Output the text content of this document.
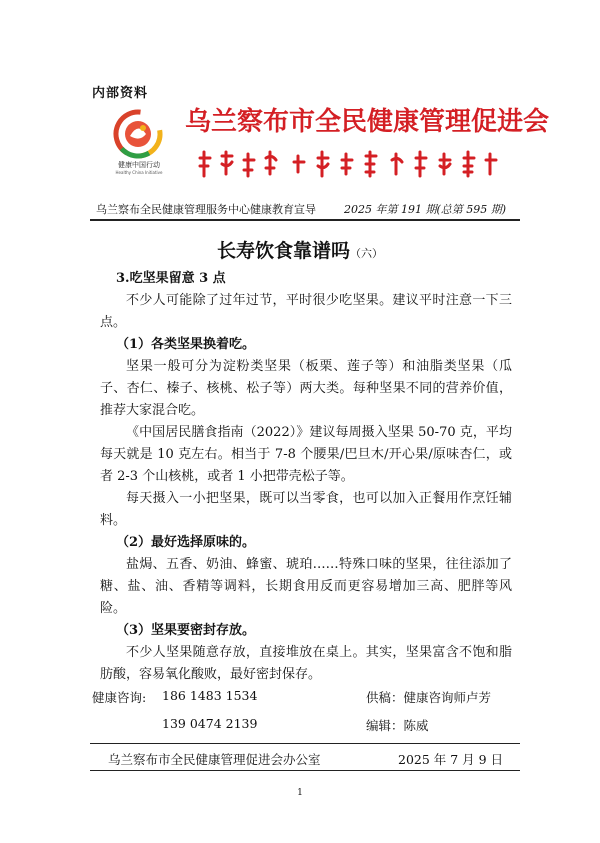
内部资料
健康中国行动
Healthy China Initiative
乌兰察布市全民健康管理促进会
乌兰察布全民健康管理服务中心健康教育宣导	2025 年第 191 期(总第 595 期)
长寿饮食靠谱吗（六）
3.吃坚果留意 3 点
不少人可能除了过年过节，平时很少吃坚果。建议平时注意一下三点。
（1）各类坚果换着吃。
坚果一般可分为淀粉类坚果（板栗、莲子等）和油脂类坚果（瓜子、杏仁、榛子、核桃、松子等）两大类。每种坚果不同的营养价值，推荐大家混合吃。
《中国居民膳食指南（2022）》建议每周摄入坚果 50-70 克，平均每天就是 10 克左右。相当于 7-8 个腰果/巴旦木/开心果/原味杏仁，或者 2-3 个山核桃，或者 1 小把带壳松子等。
每天摄入一小把坚果，既可以当零食，也可以加入正餐用作烹饪辅料。
（2）最好选择原味的。
盐焗、五香、奶油、蜂蜜、琥珀……特殊口味的坚果，往往添加了糖、盐、油、香精等调料，长期食用反而更容易增加三高、肥胖等风险。
（3）坚果要密封存放。
不少人坚果随意存放，直接堆放在桌上。其实，坚果富含不饱和脂肪酸，容易氧化酸败，最好密封保存。
健康咨询: 186 1483 1534
139 0474 2139
供稿：健康咨询师卢芳
编辑：陈威
乌兰察布市全民健康管理促进会办公室	2025 年 7 月 9 日
1
